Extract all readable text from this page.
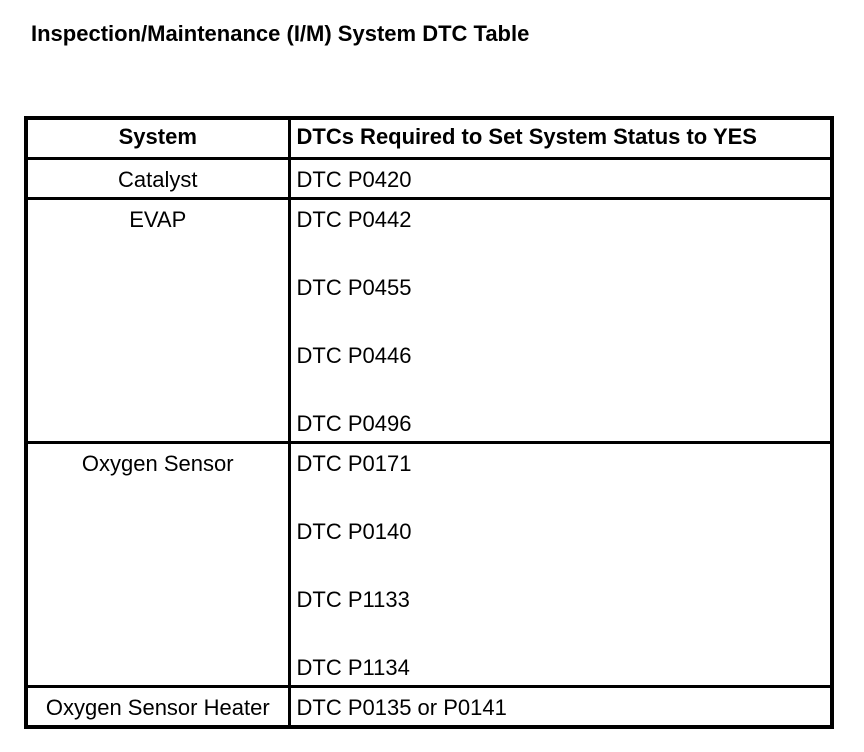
Inspection/Maintenance (I/M) System DTC Table
System	DTCs Required to Set System Status to YES
Catalyst	DTC P0420

EVAP	DTC P0442
DTC P0455
DTC P0446
DTC P0496

Oxygen Sensor	DTC P0171
DTC P0140
DTC P1133
DTC P1134

Oxygen Sensor Heater	DTC P0135 or P0141
